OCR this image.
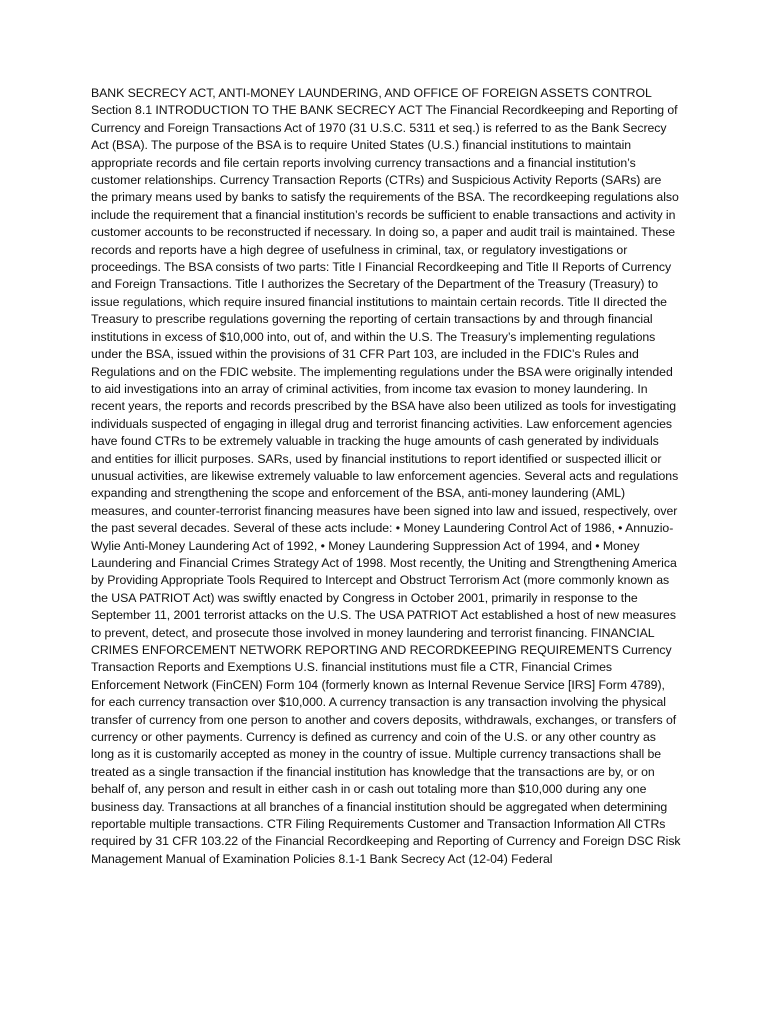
BANK SECRECY ACT, ANTI-MONEY LAUNDERING, AND OFFICE OF FOREIGN ASSETS CONTROL Section 8.1 INTRODUCTION TO THE BANK SECRECY ACT The Financial Recordkeeping and Reporting of Currency and Foreign Transactions Act of 1970 (31 U.S.C. 5311 et seq.) is referred to as the Bank Secrecy Act (BSA). The purpose of the BSA is to require United States (U.S.) financial institutions to maintain appropriate records and file certain reports involving currency transactions and a financial institution’s customer relationships. Currency Transaction Reports (CTRs) and Suspicious Activity Reports (SARs) are the primary means used by banks to satisfy the requirements of the BSA. The recordkeeping regulations also include the requirement that a financial institution’s records be sufficient to enable transactions and activity in customer accounts to be reconstructed if necessary. In doing so, a paper and audit trail is maintained. These records and reports have a high degree of usefulness in criminal, tax, or regulatory investigations or proceedings. The BSA consists of two parts: Title I Financial Recordkeeping and Title II Reports of Currency and Foreign Transactions. Title I authorizes the Secretary of the Department of the Treasury (Treasury) to issue regulations, which require insured financial institutions to maintain certain records. Title II directed the Treasury to prescribe regulations governing the reporting of certain transactions by and through financial institutions in excess of $10,000 into, out of, and within the U.S. The Treasury’s implementing regulations under the BSA, issued within the provisions of 31 CFR Part 103, are included in the FDIC’s Rules and Regulations and on the FDIC website. The implementing regulations under the BSA were originally intended to aid investigations into an array of criminal activities, from income tax evasion to money laundering. In recent years, the reports and records prescribed by the BSA have also been utilized as tools for investigating individuals suspected of engaging in illegal drug and terrorist financing activities. Law enforcement agencies have found CTRs to be extremely valuable in tracking the huge amounts of cash generated by individuals and entities for illicit purposes. SARs, used by financial institutions to report identified or suspected illicit or unusual activities, are likewise extremely valuable to law enforcement agencies. Several acts and regulations expanding and strengthening the scope and enforcement of the BSA, anti-money laundering (AML) measures, and counter-terrorist financing measures have been signed into law and issued, respectively, over the past several decades. Several of these acts include: • Money Laundering Control Act of 1986, • Annuzio-Wylie Anti-Money Laundering Act of 1992, • Money Laundering Suppression Act of 1994, and • Money Laundering and Financial Crimes Strategy Act of 1998. Most recently, the Uniting and Strengthening America by Providing Appropriate Tools Required to Intercept and Obstruct Terrorism Act (more commonly known as the USA PATRIOT Act) was swiftly enacted by Congress in October 2001, primarily in response to the September 11, 2001 terrorist attacks on the U.S. The USA PATRIOT Act established a host of new measures to prevent, detect, and prosecute those involved in money laundering and terrorist financing. FINANCIAL CRIMES ENFORCEMENT NETWORK REPORTING AND RECORDKEEPING REQUIREMENTS Currency Transaction Reports and Exemptions U.S. financial institutions must file a CTR, Financial Crimes Enforcement Network (FinCEN) Form 104 (formerly known as Internal Revenue Service [IRS] Form 4789), for each currency transaction over $10,000. A currency transaction is any transaction involving the physical transfer of currency from one person to another and covers deposits, withdrawals, exchanges, or transfers of currency or other payments. Currency is defined as currency and coin of the U.S. or any other country as long as it is customarily accepted as money in the country of issue. Multiple currency transactions shall be treated as a single transaction if the financial institution has knowledge that the transactions are by, or on behalf of, any person and result in either cash in or cash out totaling more than $10,000 during any one business day. Transactions at all branches of a financial institution should be aggregated when determining reportable multiple transactions. CTR Filing Requirements Customer and Transaction Information All CTRs required by 31 CFR 103.22 of the Financial Recordkeeping and Reporting of Currency and Foreign DSC Risk Management Manual of Examination Policies 8.1-1 Bank Secrecy Act (12-04) Federal
